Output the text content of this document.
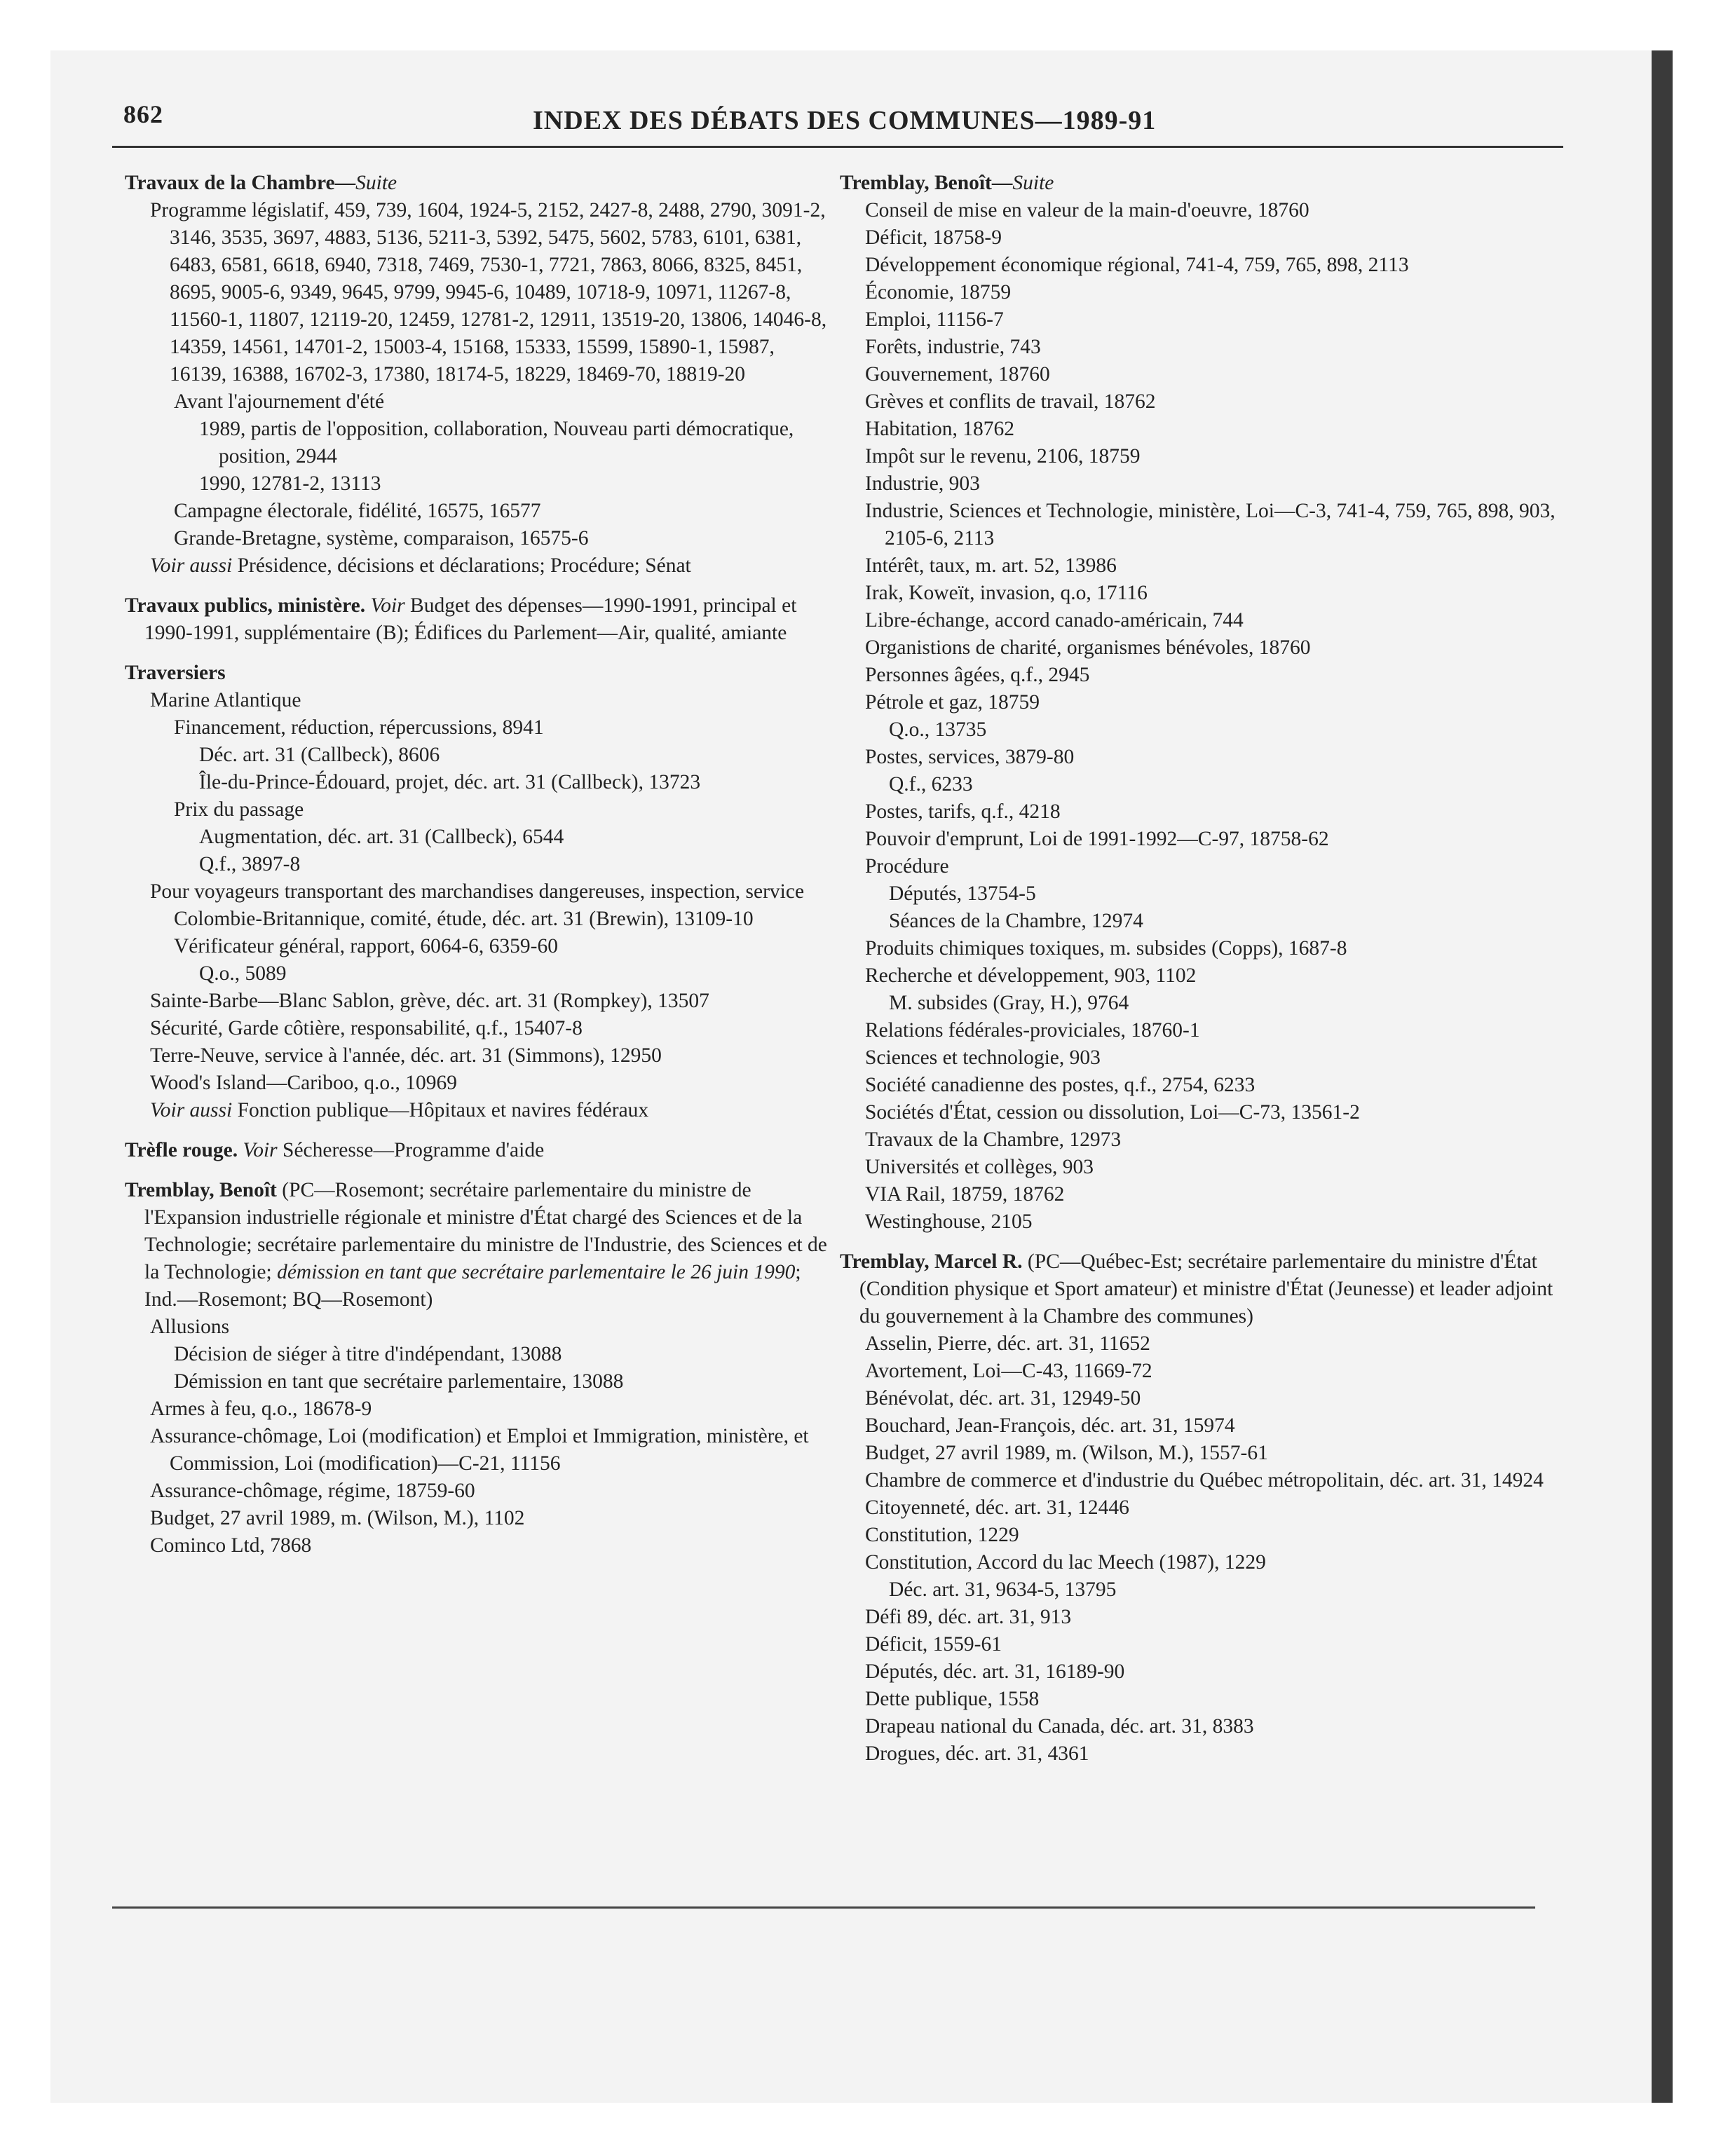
862	INDEX DES DÉBATS DES COMMUNES—1989-91

Travaux de la Chambre—Suite

Programme législatif, 459, 739, 1604, 1924-5, 2152, 2427-8, 2488, 2790, 3091-2, 3146, 3535, 3697, 4883, 5136, 5211-3, 5392, 5475, 5602, 5783, 6101, 6381, 6483, 6581, 6618, 6940, 7318, 7469, 7530-1, 7721, 7863, 8066, 8325, 8451, 8695, 9005-6, 9349, 9645, 9799, 9945-6, 10489, 10718-9, 10971, 11267-8, 11560-1, 11807, 12119-20, 12459, 12781-2, 12911, 13519-20, 13806, 14046-8, 14359, 14561, 14701-2, 15003-4, 15168, 15333, 15599, 15890-1, 15987, 16139, 16388, 16702-3, 17380, 18174-5, 18229, 18469-70, 18819-20

Avant l'ajournement d'été

1989, partis de l'opposition, collaboration, Nouveau parti démocratique, position, 2944

1990, 12781-2, 13113

Campagne électorale, fidélité, 16575, 16577

Grande-Bretagne, système, comparaison, 16575-6

Voir aussi Présidence, décisions et déclarations; Procédure; Sénat

Travaux publics, ministère. Voir Budget des dépenses—1990-1991, principal et 1990-1991, supplémentaire (B); Édifices du Parlement—Air, qualité, amiante

Traversiers

Marine Atlantique

Financement, réduction, répercussions, 8941

Déc. art. 31 (Callbeck), 8606

Île-du-Prince-Édouard, projet, déc. art. 31 (Callbeck), 13723

Prix du passage

Augmentation, déc. art. 31 (Callbeck), 6544

Q.f., 3897-8

Pour voyageurs transportant des marchandises dangereuses, inspection, service

Colombie-Britannique, comité, étude, déc. art. 31 (Brewin), 13109-10

Vérificateur général, rapport, 6064-6, 6359-60

Q.o., 5089

Sainte-Barbe—Blanc Sablon, grève, déc. art. 31 (Rompkey), 13507

Sécurité, Garde côtière, responsabilité, q.f., 15407-8

Terre-Neuve, service à l'année, déc. art. 31 (Simmons), 12950

Wood's Island—Cariboo, q.o., 10969

Voir aussi Fonction publique—Hôpitaux et navires fédéraux

Trèfle rouge. Voir Sécheresse—Programme d'aide

Tremblay, Benoît (PC—Rosemont; secrétaire parlementaire du ministre de l'Expansion industrielle régionale et ministre d'État chargé des Sciences et de la Technologie; secrétaire parlementaire du ministre de l'Industrie, des Sciences et de la Technologie; démission en tant que secrétaire parlementaire le 26 juin 1990; Ind.—Rosemont; BQ—Rosemont)

Allusions

Décision de siéger à titre d'indépendant, 13088

Démission en tant que secrétaire parlementaire, 13088

Armes à feu, q.o., 18678-9

Assurance-chômage, Loi (modification) et Emploi et Immigration, ministère, et Commission, Loi (modification)—C-21, 11156

Assurance-chômage, régime, 18759-60

Budget, 27 avril 1989, m. (Wilson, M.), 1102

Cominco Ltd, 7868

Tremblay, Benoît—Suite

Conseil de mise en valeur de la main-d'oeuvre, 18760

Déficit, 18758-9

Développement économique régional, 741-4, 759, 765, 898, 2113

Économie, 18759

Emploi, 11156-7

Forêts, industrie, 743

Gouvernement, 18760

Grèves et conflits de travail, 18762

Habitation, 18762

Impôt sur le revenu, 2106, 18759

Industrie, 903

Industrie, Sciences et Technologie, ministère, Loi—C-3, 741-4, 759, 765, 898, 903, 2105-6, 2113

Intérêt, taux, m. art. 52, 13986

Irak, Koweït, invasion, q.o, 17116

Libre-échange, accord canado-américain, 744

Organistions de charité, organismes bénévoles, 18760

Personnes âgées, q.f., 2945

Pétrole et gaz, 18759

Q.o., 13735

Postes, services, 3879-80

Q.f., 6233

Postes, tarifs, q.f., 4218

Pouvoir d'emprunt, Loi de 1991-1992—C-97, 18758-62

Procédure

Députés, 13754-5

Séances de la Chambre, 12974

Produits chimiques toxiques, m. subsides (Copps), 1687-8

Recherche et développement, 903, 1102

M. subsides (Gray, H.), 9764

Relations fédérales-proviciales, 18760-1

Sciences et technologie, 903

Société canadienne des postes, q.f., 2754, 6233

Sociétés d'État, cession ou dissolution, Loi—C-73, 13561-2

Travaux de la Chambre, 12973

Universités et collèges, 903

VIA Rail, 18759, 18762

Westinghouse, 2105

Tremblay, Marcel R. (PC—Québec-Est; secrétaire parlementaire du ministre d'État (Condition physique et Sport amateur) et ministre d'État (Jeunesse) et leader adjoint du gouvernement à la Chambre des communes)

Asselin, Pierre, déc. art. 31, 11652

Avortement, Loi—C-43, 11669-72

Bénévolat, déc. art. 31, 12949-50

Bouchard, Jean-François, déc. art. 31, 15974

Budget, 27 avril 1989, m. (Wilson, M.), 1557-61

Chambre de commerce et d'industrie du Québec métropolitain, déc. art. 31, 14924

Citoyenneté, déc. art. 31, 12446

Constitution, 1229

Constitution, Accord du lac Meech (1987), 1229

Déc. art. 31, 9634-5, 13795

Défi 89, déc. art. 31, 913

Déficit, 1559-61

Députés, déc. art. 31, 16189-90

Dette publique, 1558

Drapeau national du Canada, déc. art. 31, 8383

Drogues, déc. art. 31, 4361
